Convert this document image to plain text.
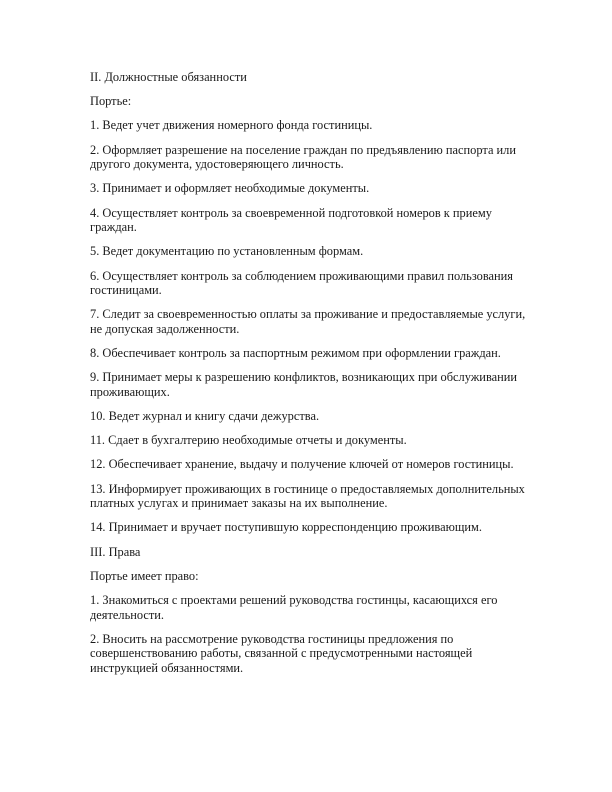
II. Должностные обязанности
Портье:
1. Ведет учет движения номерного фонда гостиницы.
2. Оформляет разрешение на поселение граждан по предъявлению паспорта или другого документа, удостоверяющего личность.
3. Принимает и оформляет необходимые документы.
4. Осуществляет контроль за своевременной подготовкой номеров к приему граждан.
5. Ведет документацию по установленным формам.
6. Осуществляет контроль за соблюдением проживающими правил пользования гостиницами.
7. Следит за своевременностью оплаты за проживание и предоставляемые услуги, не допуская задолженности.
8. Обеспечивает контроль за паспортным режимом при оформлении граждан.
9. Принимает меры к разрешению конфликтов, возникающих при обслуживании проживающих.
10. Ведет журнал и книгу сдачи дежурства.
11. Сдает в бухгалтерию необходимые отчеты и документы.
12. Обеспечивает хранение, выдачу и получение ключей от номеров гостиницы.
13. Информирует проживающих в гостинице о предоставляемых дополнительных платных услугах и принимает заказы на их выполнение.
14. Принимает и вручает поступившую корреспонденцию проживающим.
III. Права
Портье имеет право:
1. Знакомиться с проектами решений руководства гостинцы, касающихся его деятельности.
2. Вносить на рассмотрение руководства гостиницы предложения по совершенствованию работы, связанной с предусмотренными настоящей инструкцией обязанностями.
